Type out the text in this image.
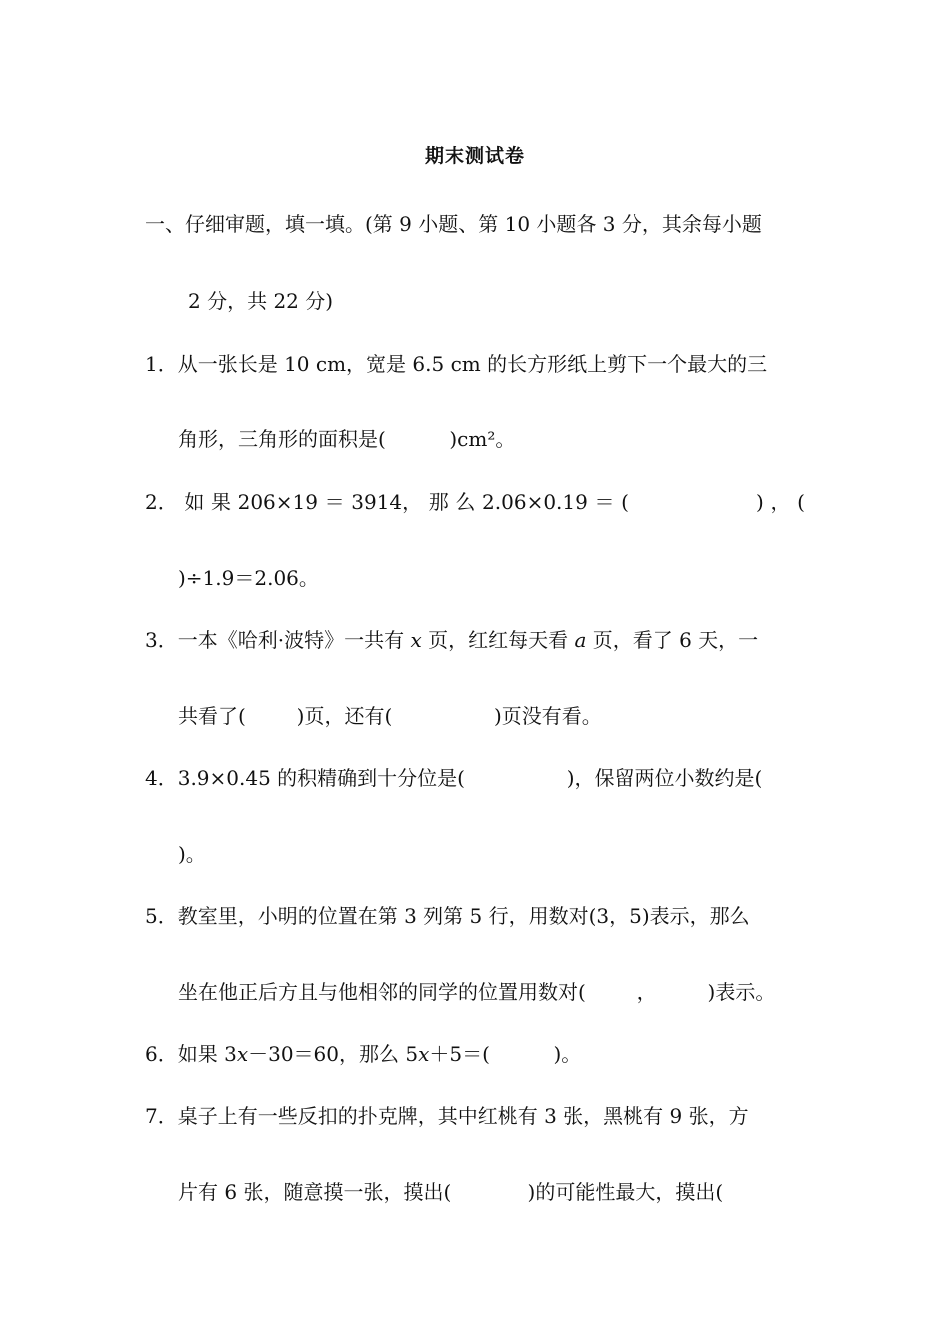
期末测试卷

一、仔细审题，填一填。(第 9 小题、第 10 小题各 3 分，其余每小题

2 分，共 22 分)

1．从一张长是 10 cm，宽是 6.5 cm 的长方形纸上剪下一个最大的三

角形，三角形的面积是(          )cm²。

2． 如 果 206×19 ＝ 3914， 那 么 2.06×0.19 ＝ (                    ) ， (

)÷1.9＝2.06。

3．一本《哈利·波特》一共有 x 页，红红每天看 a 页，看了 6 天，一

共看了(        )页，还有(                )页没有看。

4．3.9×0.45 的积精确到十分位是(                )，保留两位小数约是(

)。

5．教室里，小明的位置在第 3 列第 5 行，用数对(3，5)表示，那么

坐在他正后方且与他相邻的同学的位置用数对(        ，        )表示。

6．如果 3x－30＝60，那么 5x＋5＝(          )。

7．桌子上有一些反扣的扑克牌，其中红桃有 3 张，黑桃有 9 张，方

片有 6 张，随意摸一张，摸出(            )的可能性最大，摸出(
